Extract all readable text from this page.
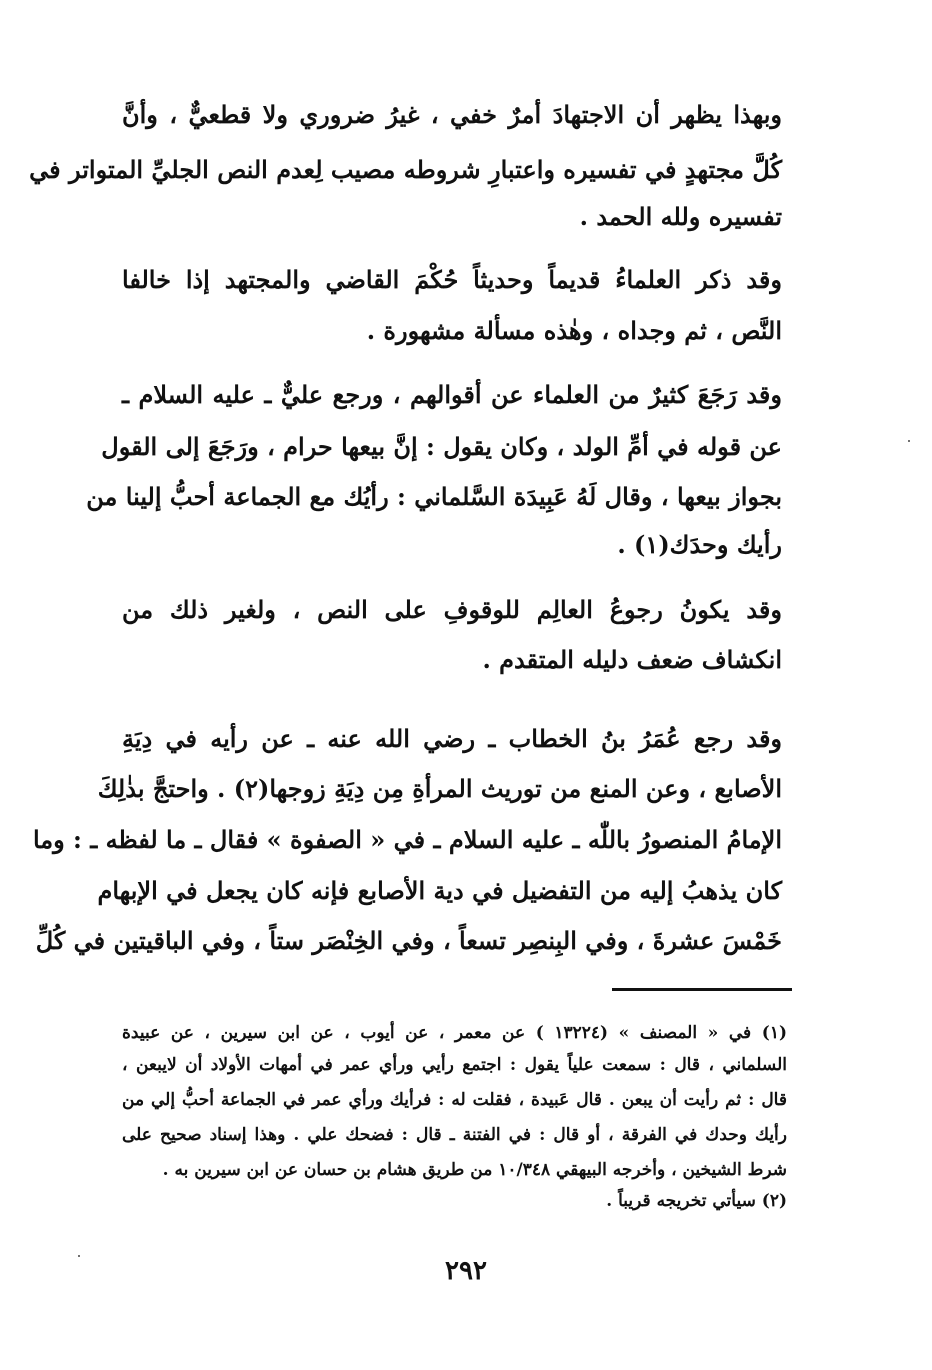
وبهذا يظهر أن الاجتهادَ أمرٌ خفي ، غيرُ ضروري ولا قطعيٌّ ، وأنَّ
كُلَّ مجتهدٍ في تفسيره واعتبارِ شروطه مصيب لِعدم النص الجليِّ المتواتر في
تفسيره ولله الحمد .
وقد ذكر العلماءُ قديماً وحديثاً حُكْمَ القاضي والمجتهد إذا خالفا
النَّص ، ثم وجداه ، وهٰذه مسألة مشهورة .
وقد رَجَعَ كثيرٌ من العلماء عن أقوالهم ، ورجع عليٌّ ـ عليه السلام ـ
عن قوله في أمِّ الولد ، وكان يقول : إنَّ بيعها حرام ، ورَجَعَ إلى القول
بجواز بيعها ، وقال لَهُ عَبِيدَة السَّلماني : رأيُك مع الجماعة أحبُّ إلينا من
رأيك وحدَك(١) .
وقد يكونُ رجوعُ العالِم للوقوفِ على النص ، ولغير ذلك من
انكشاف ضعف دليله المتقدم .
وقد رجع عُمَرُ بنُ الخطاب ـ رضي الله عنه ـ عن رأيه في دِيَةِ
الأصابع ، وعن المنع من توريث المرأةِ مِن دِيَةِ زوجها(٢) . واحتجَّ بذٰلِكَ
الإمامُ المنصورُ باللّٰه ـ عليه السلام ـ في « الصفوة » فقال ـ ما لفظه ـ : وما
كان يذهبُ إليه من التفضيل في دية الأصابع فإنه كان يجعل في الإبهام
خَمْسَ عشرةَ ، وفي البِنصِر تسعاً ، وفي الخِنْصَر ستاً ، وفي الباقيتين في كُلِّ
(١) في « المصنف » (١٣٢٢٤ ) عن معمر ، عن أيوب ، عن ابن سيرين ، عن عبيدة
السلماني ، قال : سمعت علياً يقول : اجتمع رأيي ورأي عمر في أمهات الأولاد أن لايبعن ،
قال : ثم رأيت أن يبعن . قال عَبيدة ، فقلت له : فرأيك ورأي عمر في الجماعة أحبُّ إلي من
رأيك وحدك في الفرقة ، أو قال : في الفتنة ـ قال : فضحك علي . وهذا إسناد صحيح على
شرط الشيخين ، وأخرجه البيهقي ١٠/٣٤٨ من طريق هشام بن حسان عن ابن سيرين به .
(٢) سيأتي تخريجه قريباً .
٢٩٢
